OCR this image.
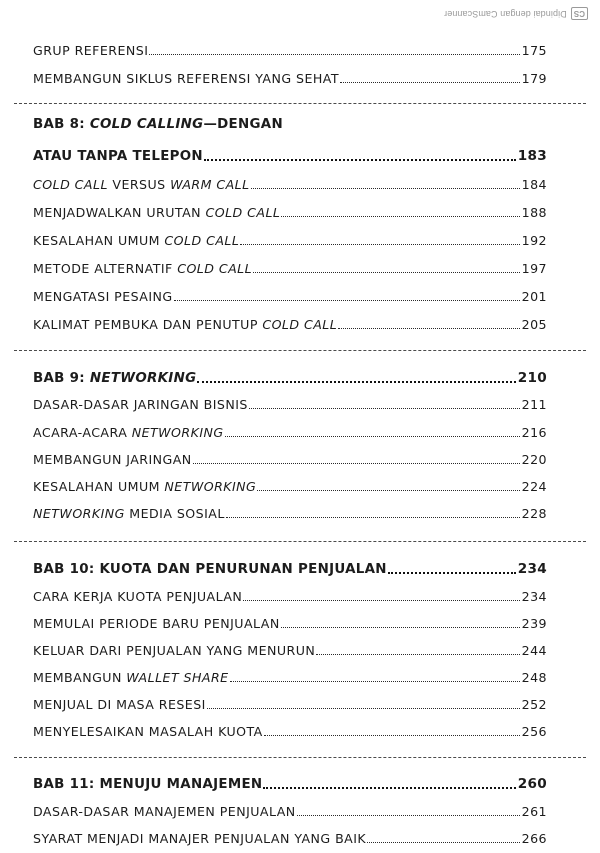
CS
Dipindai dengan CamScanner
GRUP REFERENSI	175
MEMBANGUN SIKLUS REFERENSI YANG SEHAT	179
BAB 8: COLD CALLING—DENGAN
ATAU TANPA TELEPON	183
COLD CALL VERSUS WARM CALL	184
MENJADWALKAN URUTAN COLD CALL	188
KESALAHAN UMUM COLD CALL	192
METODE ALTERNATIF COLD CALL	197
MENGATASI PESAING	201
KALIMAT PEMBUKA DAN PENUTUP COLD CALL	205
BAB 9: NETWORKING	210
DASAR-DASAR JARINGAN BISNIS	211
ACARA-ACARA NETWORKING	216
MEMBANGUN JARINGAN	220
KESALAHAN UMUM NETWORKING	224
NETWORKING MEDIA SOSIAL	228
BAB 10: KUOTA DAN PENURUNAN PENJUALAN	234
CARA KERJA KUOTA PENJUALAN	234
MEMULAI PERIODE BARU PENJUALAN	239
KELUAR DARI PENJUALAN YANG MENURUN	244
MEMBANGUN WALLET SHARE	248
MENJUAL DI MASA RESESI	252
MENYELESAIKAN MASALAH KUOTA	256
BAB 11: MENUJU MANAJEMEN	260
DASAR-DASAR MANAJEMEN PENJUALAN	261
SYARAT MENJADI MANAJER PENJUALAN YANG BAIK	266
